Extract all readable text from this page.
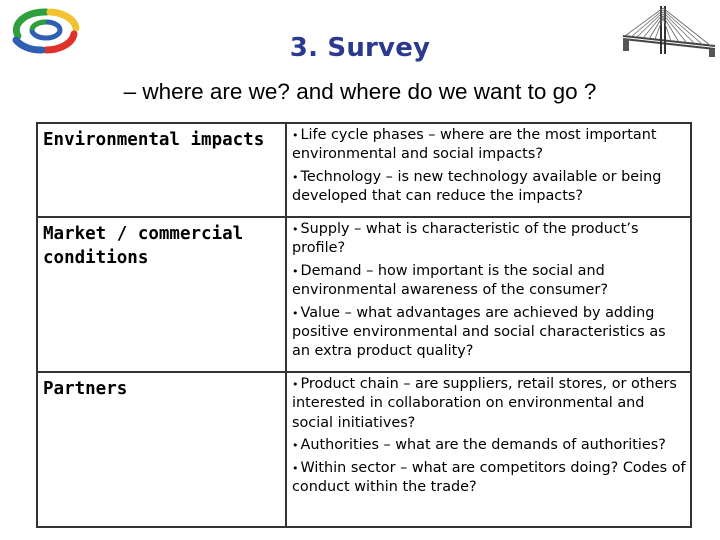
3. Survey
– where are we? and where do we want to go ?
Environmental impacts	• Life cycle phases – where are the most important environmental and social impacts?
• Technology – is new technology available or being developed that can reduce the impacts?

Market / commercial conditions	• Supply – what is characteristic of the product’s profile?
• Demand – how important is the social and environmental awareness of the consumer?
• Value – what advantages are achieved by adding positive environmental and social characteristics as an extra product quality?

Partners	• Product chain – are suppliers, retail stores, or others interested in collaboration on environmental and social initiatives?
• Authorities – what are the demands of authorities?
• Within sector – what are competitors doing? Codes of conduct within the trade?
